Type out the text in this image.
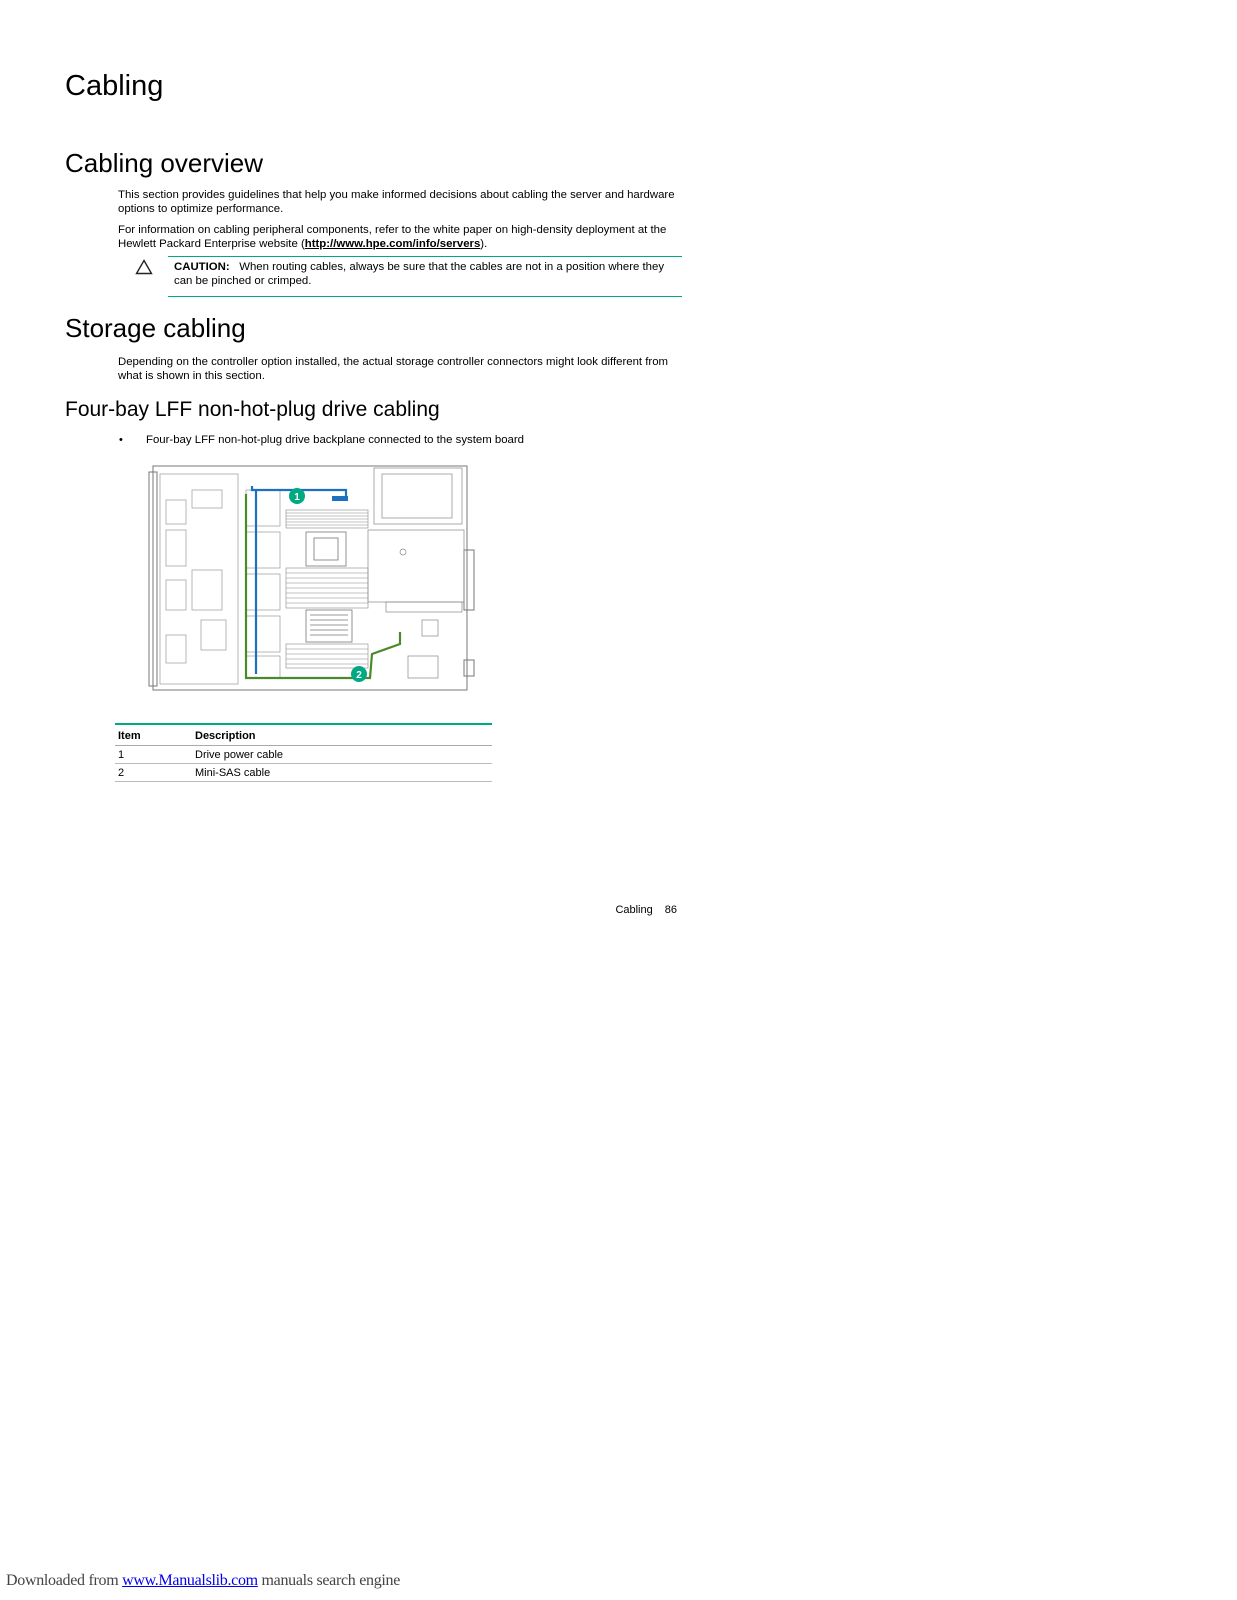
Cabling
Cabling overview

This section provides guidelines that help you make informed decisions about cabling the server and hardware options to optimize performance.

For information on cabling peripheral components, refer to the white paper on high-density deployment at the Hewlett Packard Enterprise website (http://www.hpe.com/info/servers).

CAUTION: When routing cables, always be sure that the cables are not in a position where they can be pinched or crimped.
Storage cabling

Depending on the controller option installed, the actual storage controller connectors might look different from what is shown in this section.

Four-bay LFF non-hot-plug drive cabling
• Four-bay LFF non-hot-plug drive backplane connected to the system board
1
2
Item	Description
1	Drive power cable
2	Mini-SAS cable
Cabling 86
Downloaded from www.Manualslib.com manuals search engine
